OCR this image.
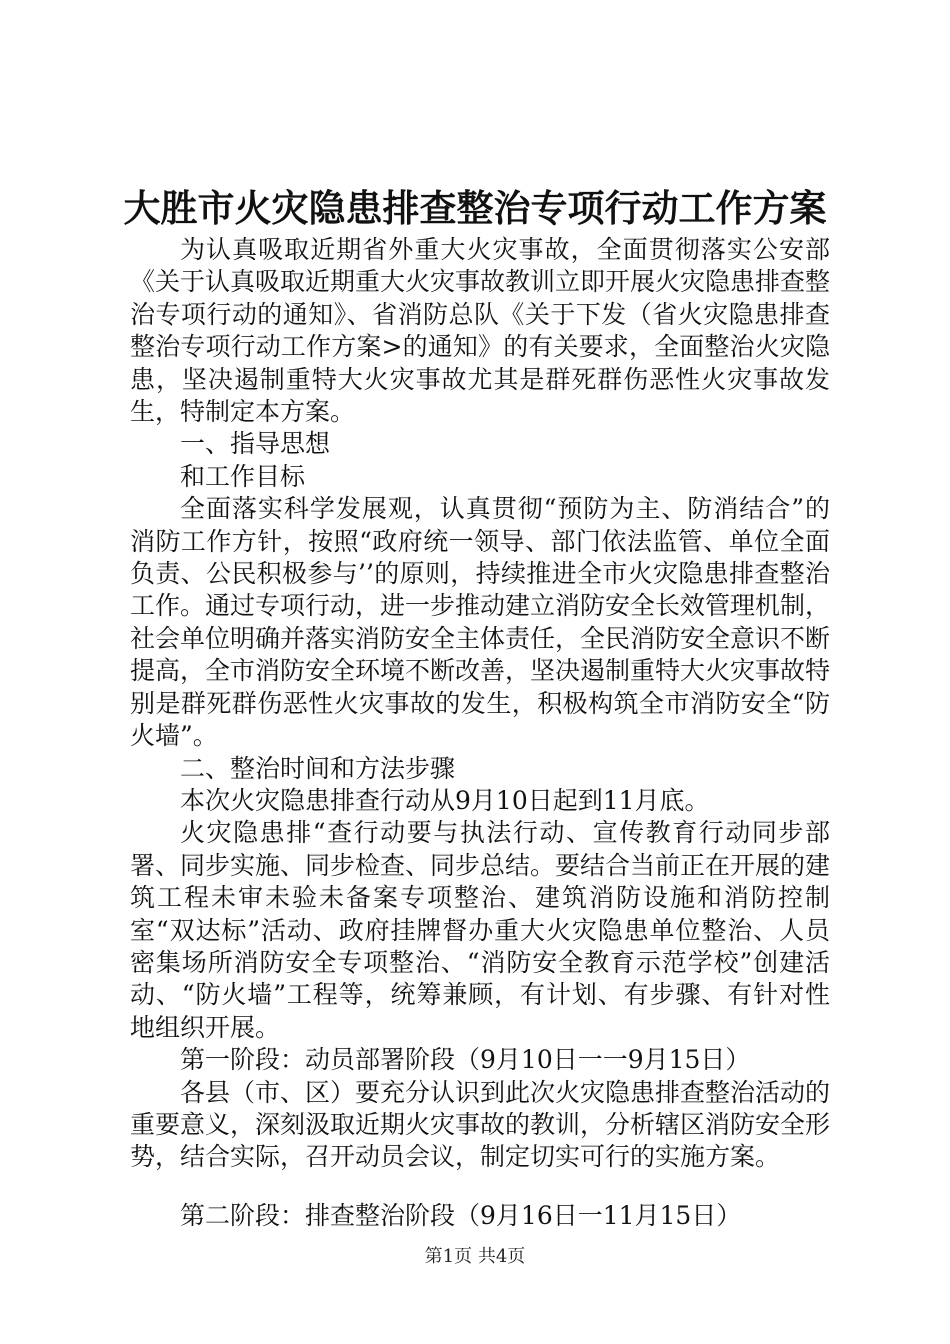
大胜市火灾隐患排查整治专项行动工作方案

为认真吸取近期省外重大火灾事故，全面贯彻落实公安部《关于认真吸取近期重大火灾事故教训立即开展火灾隐患排查整治专项行动的通知》、省消防总队《关于下发（省火灾隐患排查整治专项行动工作方案>的通知》的有关要求，全面整治火灾隐患，坚决遏制重特大火灾事故尤其是群死群伤恶性火灾事故发生，特制定本方案。

一、指导思想

和工作目标

全面落实科学发展观，认真贯彻“预防为主、防消结合”的消防工作方针，按照“政府统一领导、部门依法监管、单位全面负责、公民积极参与’’的原则，持续推进全市火灾隐患排查整治工作。通过专项行动，进一步推动建立消防安全长效管理机制，社会单位明确并落实消防安全主体责任，全民消防安全意识不断提高，全市消防安全环境不断改善，坚决遏制重特大火灾事故特别是群死群伤恶性火灾事故的发生，积极构筑全市消防安全“防火墙”。

二、整治时间和方法步骤

本次火灾隐患排查行动从9月10日起到11月底。

火灾隐患排“查行动要与执法行动、宣传教育行动同步部署、同步实施、同步检查、同步总结。要结合当前正在开展的建筑工程未审未验未备案专项整治、建筑消防设施和消防控制室“双达标”活动、政府挂牌督办重大火灾隐患单位整治、人员密集场所消防安全专项整治、“消防安全教育示范学校”创建活动、“防火墙”工程等，统筹兼顾，有计划、有步骤、有针对性地组织开展。

第一阶段：动员部署阶段（9月10日一一9月15日）

各县（市、区）要充分认识到此次火灾隐患排查整治活动的重要意义，深刻汲取近期火灾事故的教训，分析辖区消防安全形势，结合实际，召开动员会议，制定切实可行的实施方案。

第二阶段：排查整治阶段（9月16日一11月15日）

第1页 共4页
